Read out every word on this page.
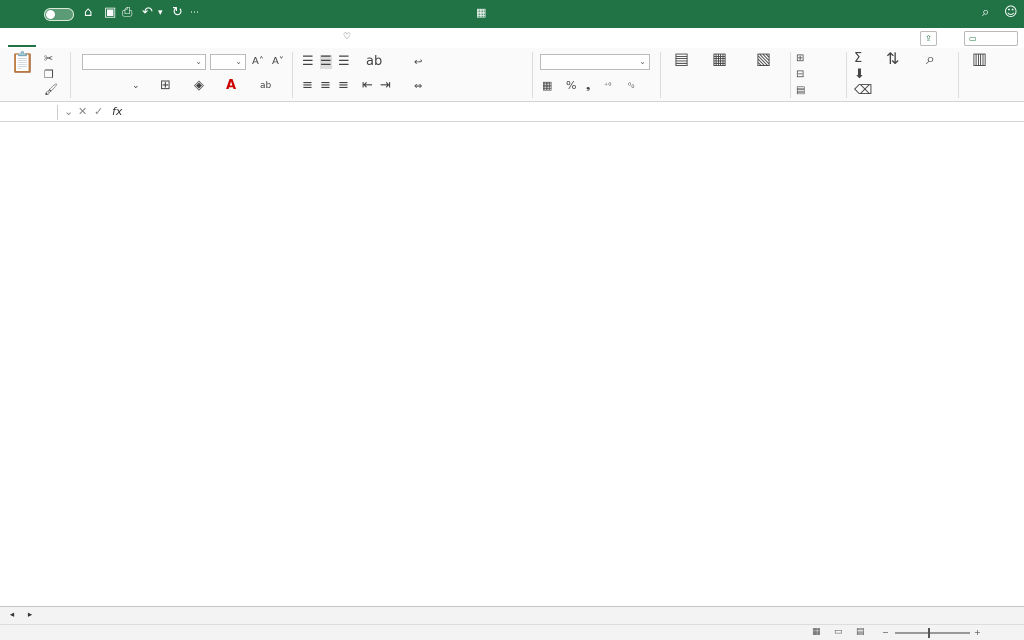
⌂ ▣ ⎙ ↶ ▾ ↻ ⋯	▦	⌕ ☺
♡	⇪	▭
📋 ✂
❐
🖌
⌄	⌄ A˄ A˅
⌄ ⊞ ◈ A	ab
☰ ☰ ☰ ab
≡ ≡ ≡ ⇤ ⇥
↩
⇔
⌄
▦ % ❟ ⁺⁰ ⁰₀
▤ ▦ ▧ ⊞
⊟
▤
Σ
⬇
⌫
⇅ ⌕ ▥
⌄ ✕ ✓ fx
◂	▸
▦ ▭ ▤ −	+
